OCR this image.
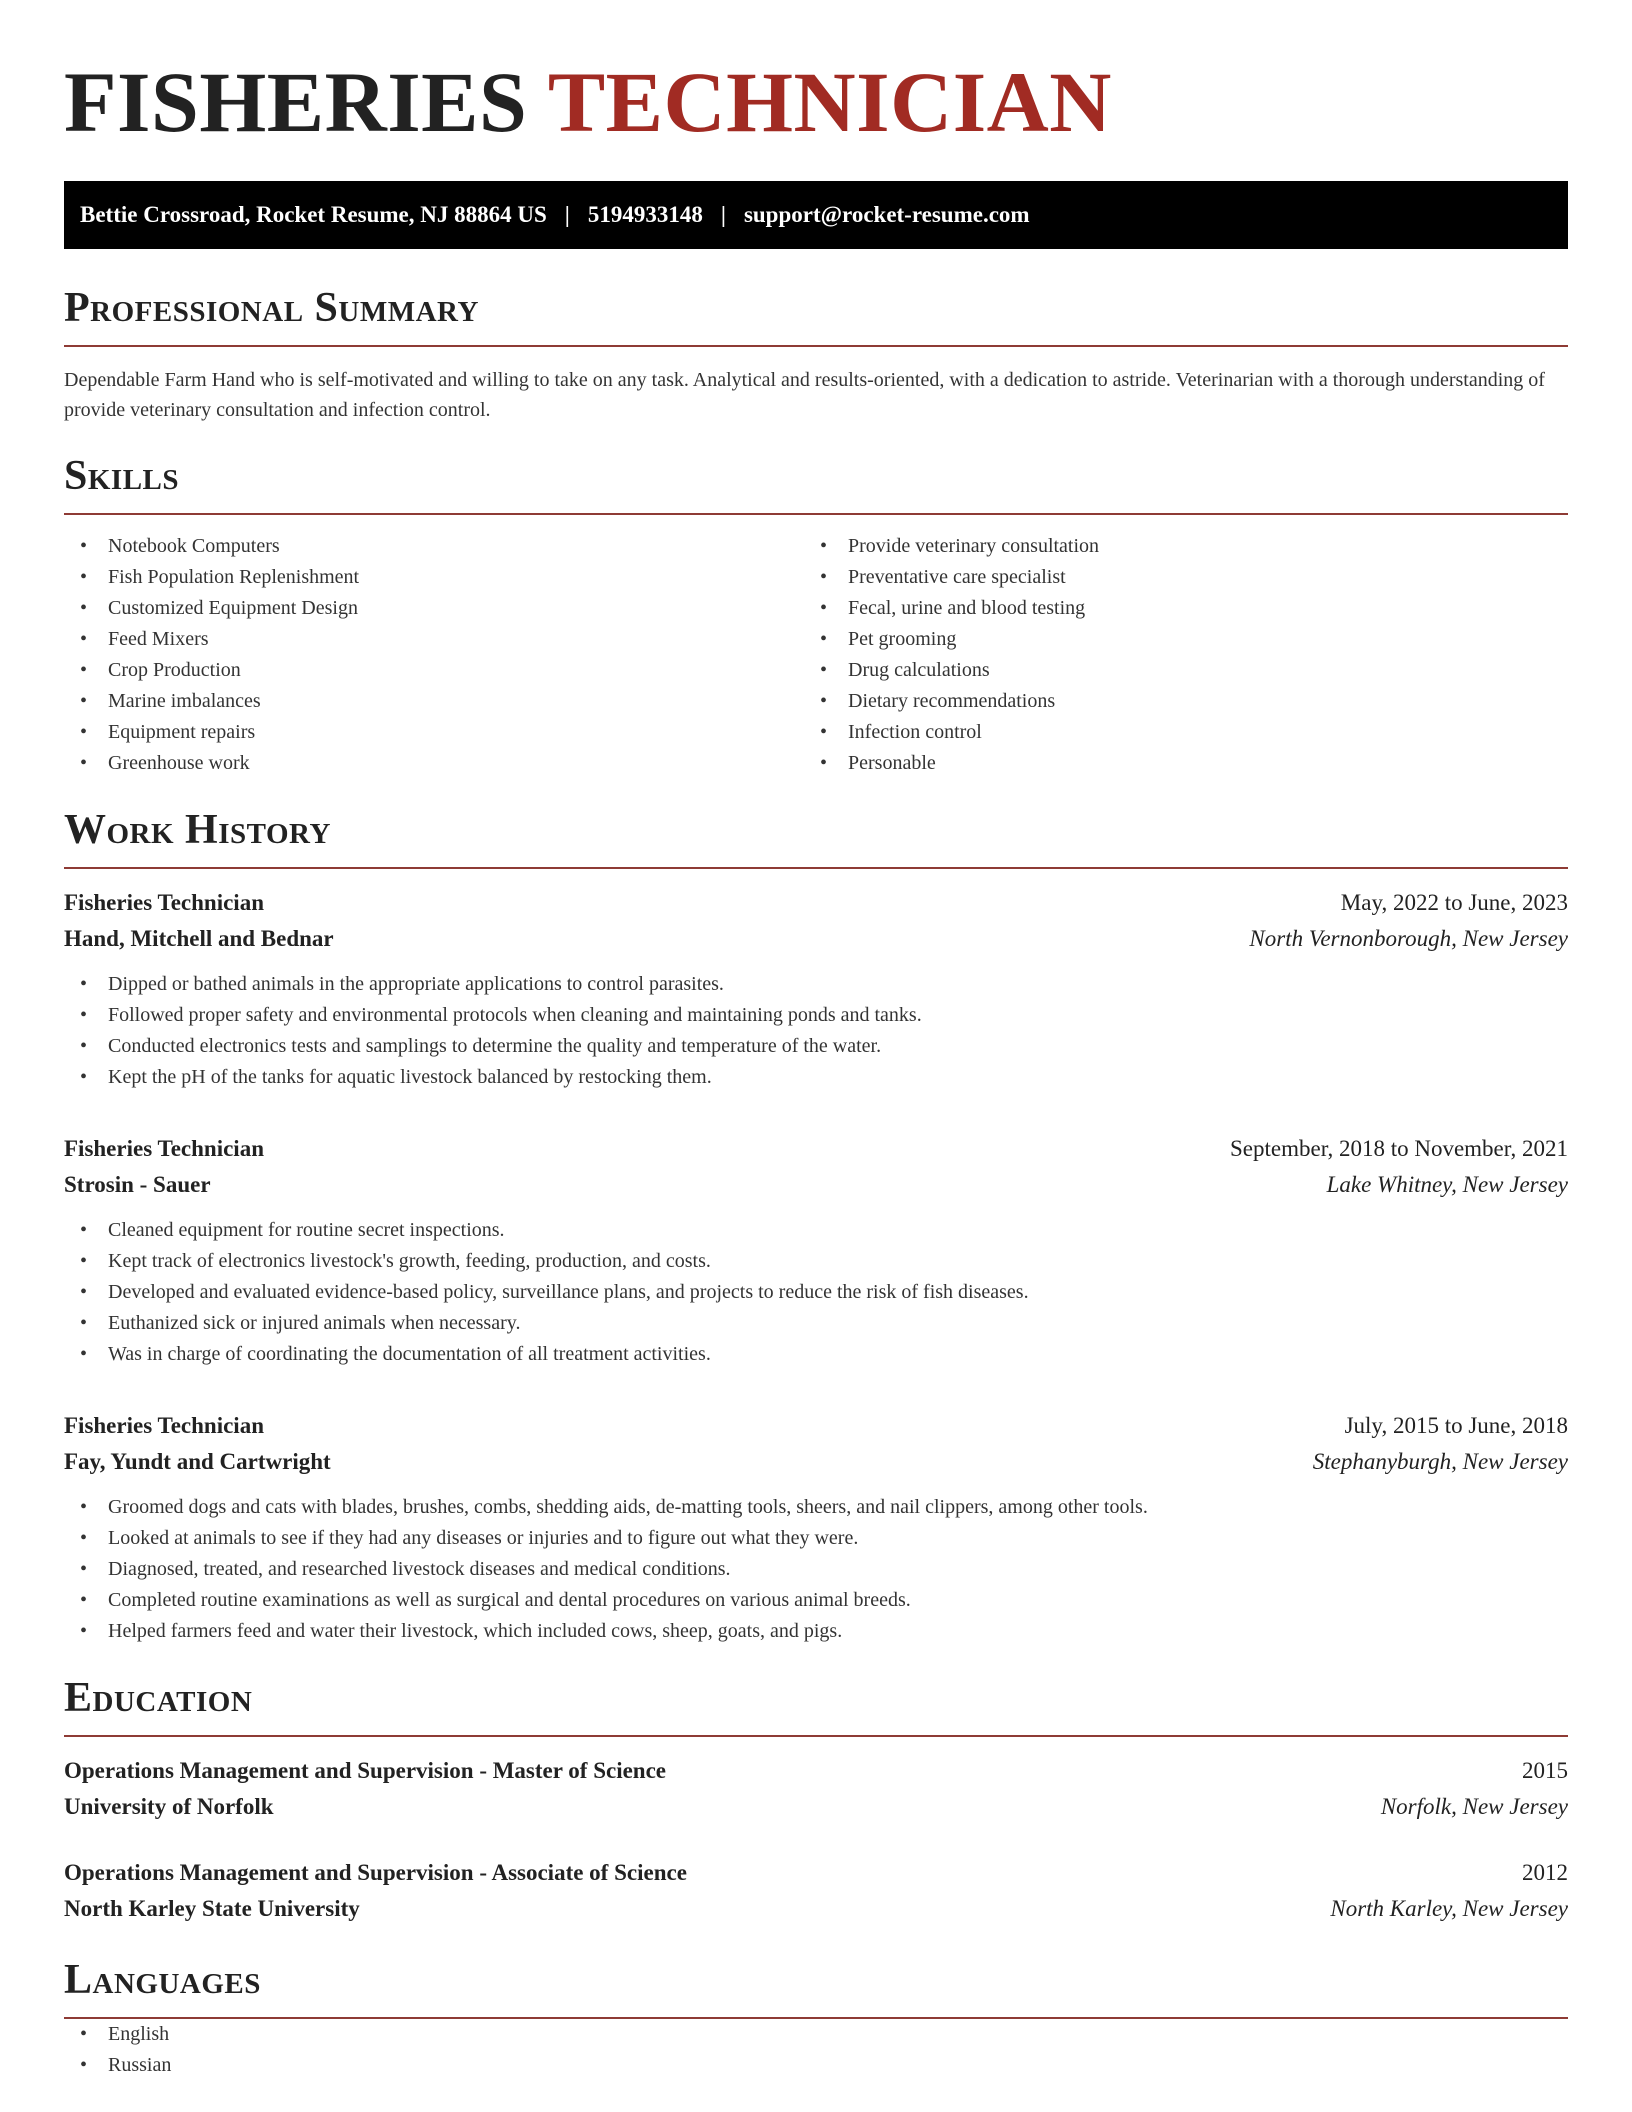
FISHERIES TECHNICIAN
Bettie Crossroad, Rocket Resume, NJ 88864 US | 5194933148 | support@rocket-resume.com
Professional Summary

Dependable Farm Hand who is self-motivated and willing to take on any task. Analytical and results-oriented, with a dedication to astride. Veterinarian with a thorough understanding of provide veterinary consultation and infection control.

Skills
• Notebook Computers
• Fish Population Replenishment
• Customized Equipment Design
• Feed Mixers
• Crop Production
• Marine imbalances
• Equipment repairs
• Greenhouse work
• Provide veterinary consultation
• Preventative care specialist
• Fecal, urine and blood testing
• Pet grooming
• Drug calculations
• Dietary recommendations
• Infection control
• Personable
Work History
Fisheries Technician	May, 2022 to June, 2023
Hand, Mitchell and Bednar	North Vernonborough, New Jersey
• Dipped or bathed animals in the appropriate applications to control parasites.
• Followed proper safety and environmental protocols when cleaning and maintaining ponds and tanks.
• Conducted electronics tests and samplings to determine the quality and temperature of the water.
• Kept the pH of the tanks for aquatic livestock balanced by restocking them.
Fisheries Technician	September, 2018 to November, 2021
Strosin - Sauer	Lake Whitney, New Jersey
• Cleaned equipment for routine secret inspections.
• Kept track of electronics livestock's growth, feeding, production, and costs.
• Developed and evaluated evidence-based policy, surveillance plans, and projects to reduce the risk of fish diseases.
• Euthanized sick or injured animals when necessary.
• Was in charge of coordinating the documentation of all treatment activities.
Fisheries Technician	July, 2015 to June, 2018
Fay, Yundt and Cartwright	Stephanyburgh, New Jersey
• Groomed dogs and cats with blades, brushes, combs, shedding aids, de-matting tools, sheers, and nail clippers, among other tools.
• Looked at animals to see if they had any diseases or injuries and to figure out what they were.
• Diagnosed, treated, and researched livestock diseases and medical conditions.
• Completed routine examinations as well as surgical and dental procedures on various animal breeds.
• Helped farmers feed and water their livestock, which included cows, sheep, goats, and pigs.
Education
Operations Management and Supervision - Master of Science	2015
University of Norfolk	Norfolk, New Jersey
Operations Management and Supervision - Associate of Science	2012
North Karley State University	North Karley, New Jersey
Languages
• English
• Russian
